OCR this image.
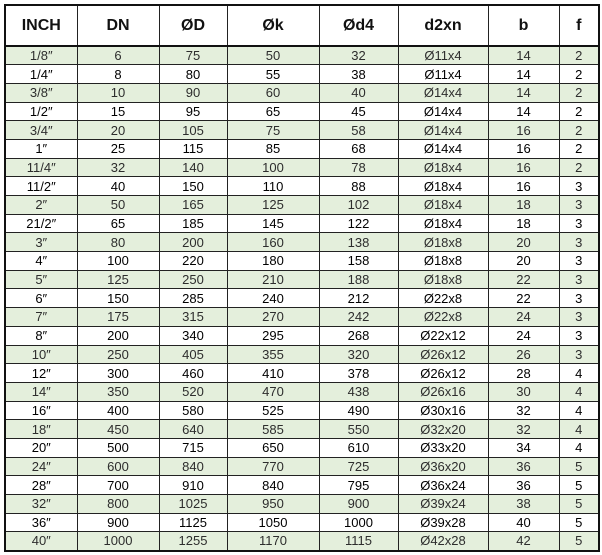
INCH	DN	ØD	Øk	Ød4	d2xn	b	f
1/8″	6	75	50	32	Ø11x4	14	2
1/4″	8	80	55	38	Ø11x4	14	2
3/8″	10	90	60	40	Ø14x4	14	2
1/2″	15	95	65	45	Ø14x4	14	2
3/4″	20	105	75	58	Ø14x4	16	2
1″	25	115	85	68	Ø14x4	16	2
11/4″	32	140	100	78	Ø18x4	16	2
11/2″	40	150	110	88	Ø18x4	16	3
2″	50	165	125	102	Ø18x4	18	3
21/2″	65	185	145	122	Ø18x4	18	3
3″	80	200	160	138	Ø18x8	20	3
4″	100	220	180	158	Ø18x8	20	3
5″	125	250	210	188	Ø18x8	22	3
6″	150	285	240	212	Ø22x8	22	3
7″	175	315	270	242	Ø22x8	24	3
8″	200	340	295	268	Ø22x12	24	3
10″	250	405	355	320	Ø26x12	26	3
12″	300	460	410	378	Ø26x12	28	4
14″	350	520	470	438	Ø26x16	30	4
16″	400	580	525	490	Ø30x16	32	4
18″	450	640	585	550	Ø32x20	32	4
20″	500	715	650	610	Ø33x20	34	4
24″	600	840	770	725	Ø36x20	36	5
28″	700	910	840	795	Ø36x24	36	5
32″	800	1025	950	900	Ø39x24	38	5
36″	900	1125	1050	1000	Ø39x28	40	5
40″	1000	1255	1170	1115	Ø42x28	42	5
